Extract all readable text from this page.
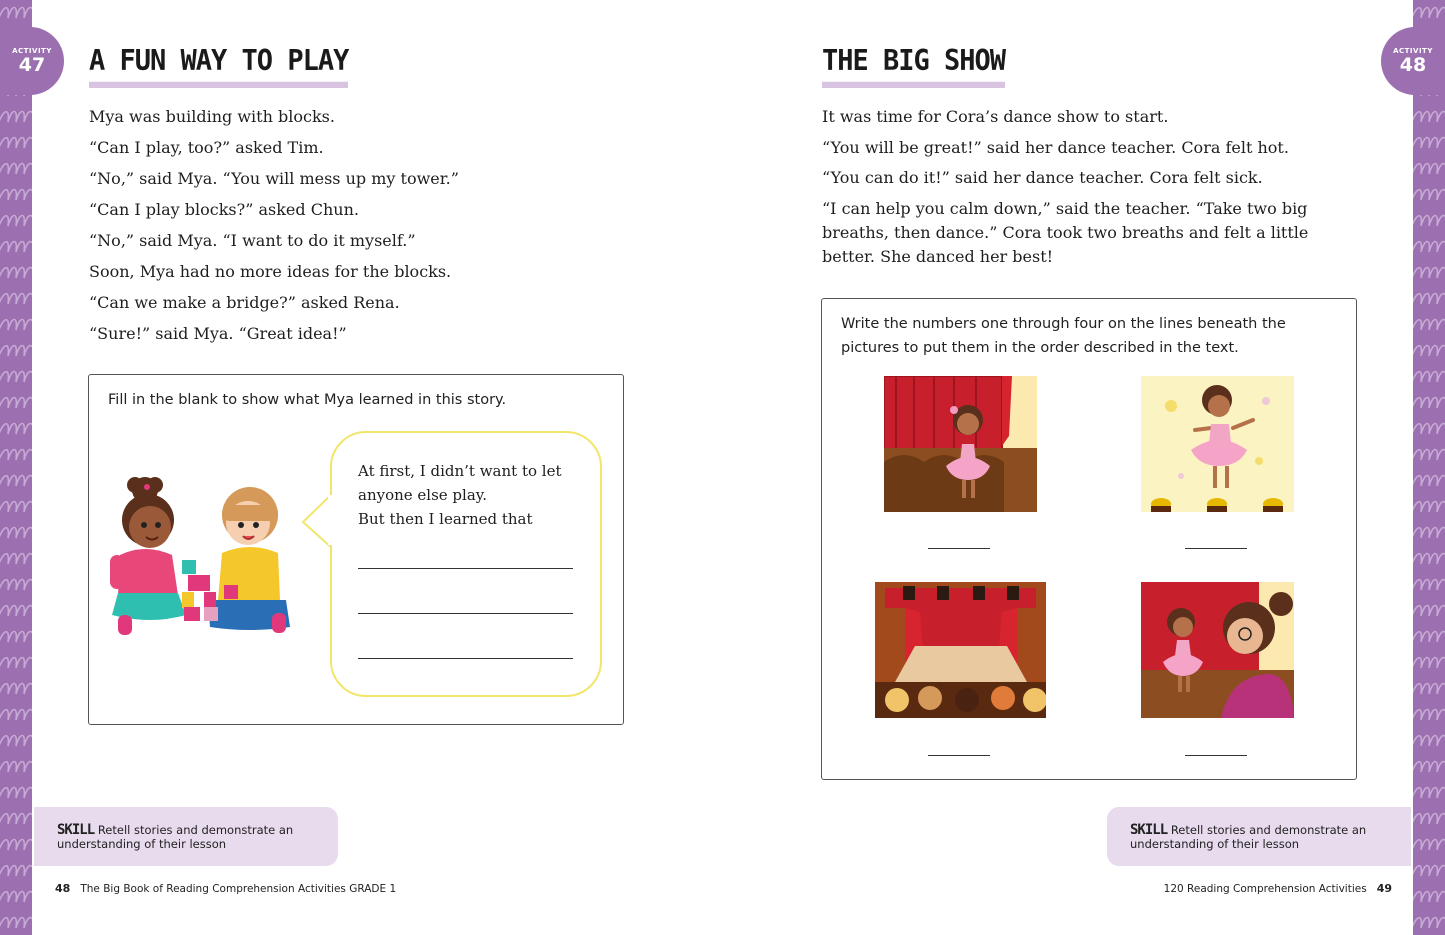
ACTIVITY
47
ACTIVITY
48
A FUN WAY TO PLAY

Mya was building with blocks.

“Can I play, too?” asked Tim.

“No,” said Mya. “You will mess up my tower.”

“Can I play blocks?” asked Chun.

“No,” said Mya. “I want to do it myself.”

Soon, Mya had no more ideas for the blocks.

“Can we make a bridge?” asked Rena.

“Sure!” said Mya. “Great idea!”

Fill in the blank to show what Mya learned in this story.
At first, I didn’t want to let
anyone else play.
But then I learned that
THE BIG SHOW

It was time for Cora’s dance show to start.

“You will be great!” said her dance teacher. Cora felt hot.

“You can do it!” said her dance teacher. Cora felt sick.

“I can help you calm down,” said the teacher. “Take two big breaths, then dance.” Cora took two breaths and felt a little better. She danced her best!

Write the numbers one through four on the lines beneath the pictures to put them in the order described in the text.
SKILL Retell stories and demonstrate an
understanding of their lesson
SKILL Retell stories and demonstrate an
understanding of their lesson
48 The Big Book of Reading Comprehension Activities GRADE 1	120 Reading Comprehension Activities 49
